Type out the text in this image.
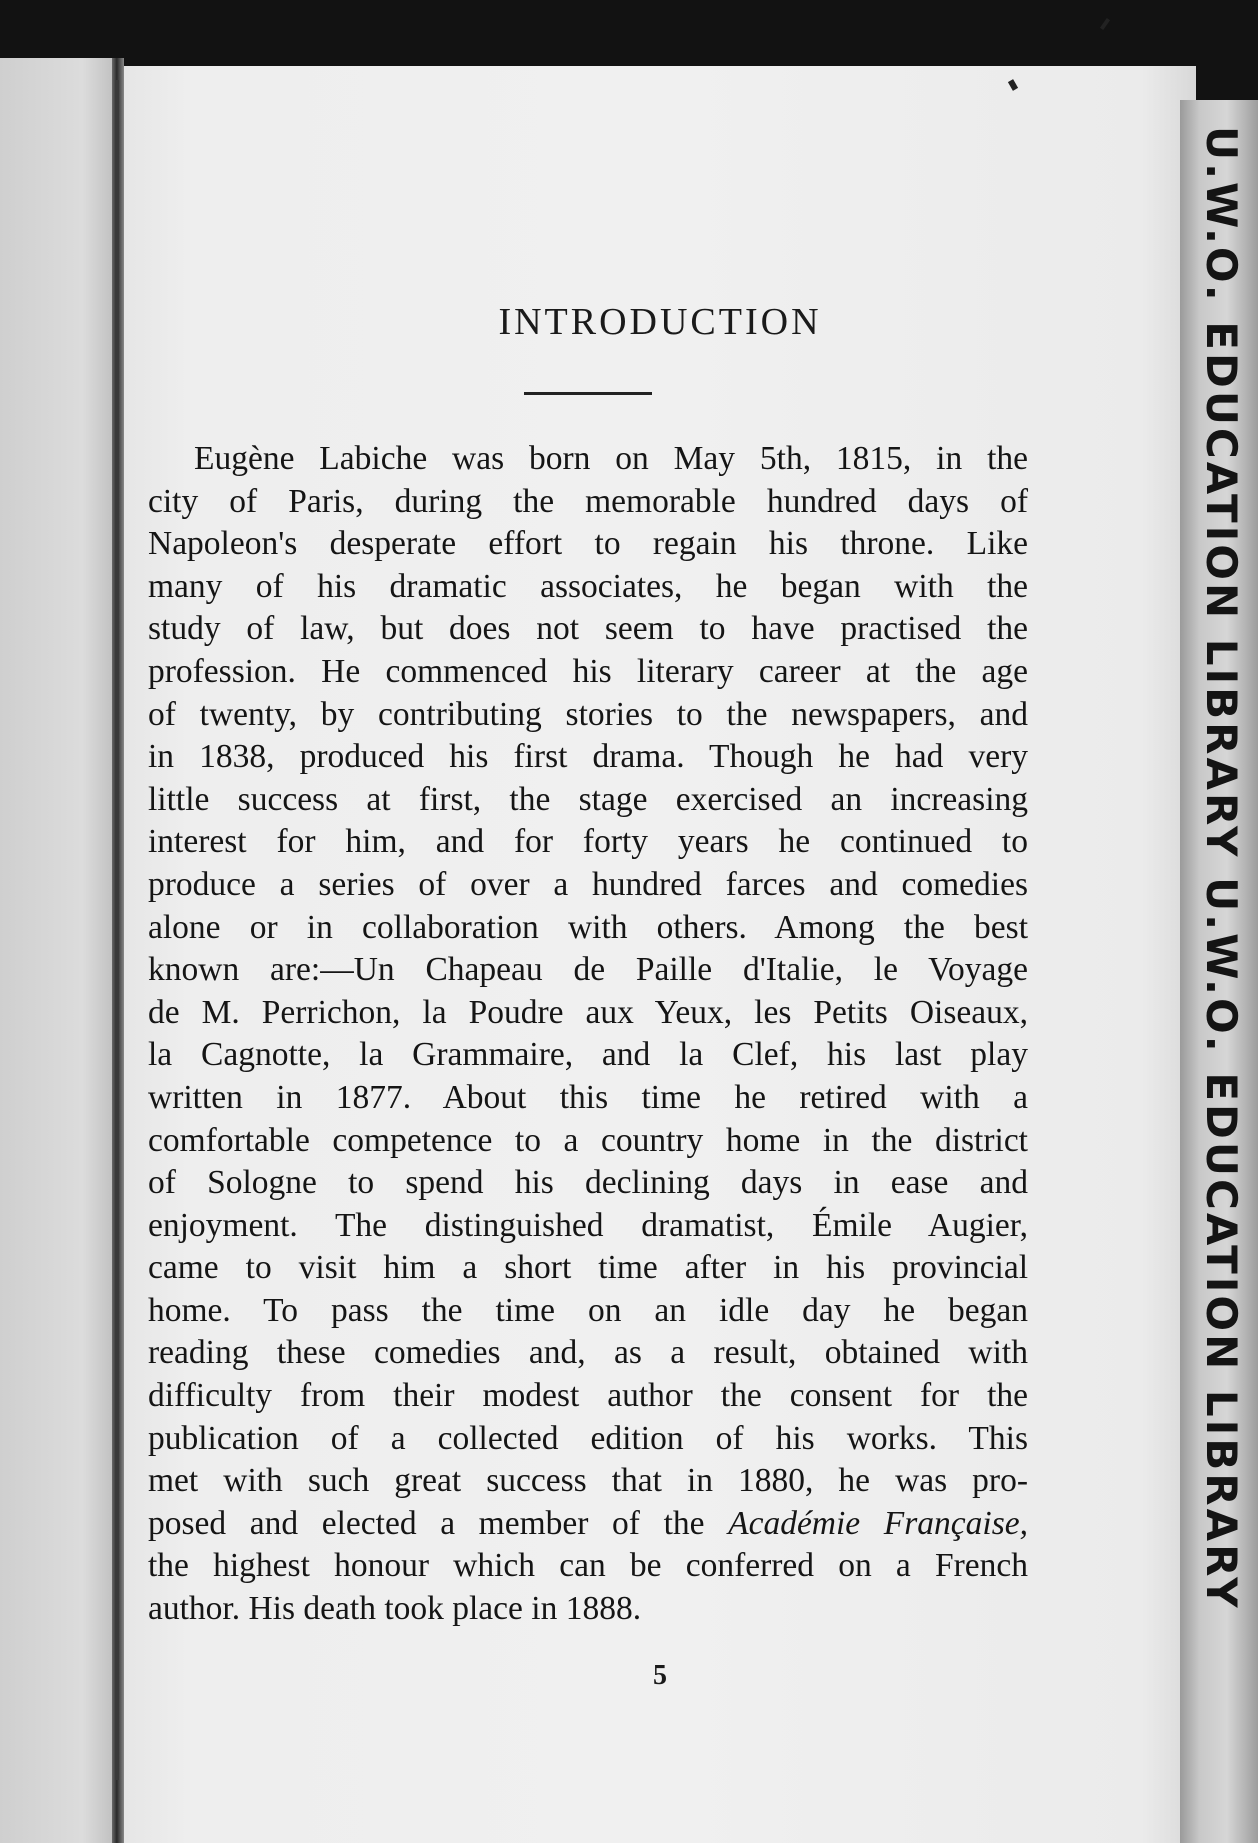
U.W.O. EDUCATION LIBRARY U.W.O. EDUCATION LIBRARY
INTRODUCTION
Eugène Labiche was born on May 5th, 1815, in the
city of Paris, during the memorable hundred days of
Napoleon's desperate effort to regain his throne. Like
many of his dramatic associates, he began with the
study of law, but does not seem to have practised the
profession. He commenced his literary career at the age
of twenty, by contributing stories to the newspapers, and
in 1838, produced his first drama. Though he had very
little success at first, the stage exercised an increasing
interest for him, and for forty years he continued to
produce a series of over a hundred farces and comedies
alone or in collaboration with others. Among the best
known are:—Un Chapeau de Paille d'Italie, le Voyage
de M. Perrichon, la Poudre aux Yeux, les Petits Oiseaux,
la Cagnotte, la Grammaire, and la Clef, his last play
written in 1877. About this time he retired with a
comfortable competence to a country home in the district
of Sologne to spend his declining days in ease and
enjoyment. The distinguished dramatist, Émile Augier,
came to visit him a short time after in his provincial
home. To pass the time on an idle day he began
reading these comedies and, as a result, obtained with
difficulty from their modest author the consent for the
publication of a collected edition of his works. This
met with such great success that in 1880, he was pro-
posed and elected a member of the Académie Française,
the highest honour which can be conferred on a French
author. His death took place in 1888.
5
